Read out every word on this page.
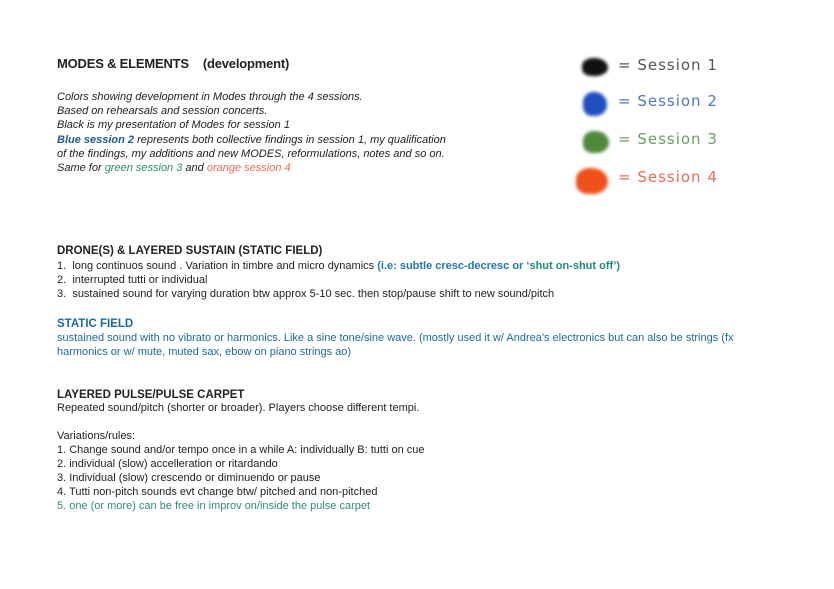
MODES & ELEMENTS (development)
Colors showing development in Modes through the 4 sessions.
Based on rehearsals and session concerts.
Black is my presentation of Modes for session 1
Blue session 2 represents both collective findings in session 1, my qualification
of the findings, my additions and new MODES, reformulations, notes and so on.
Same for green session 3 and orange session 4
= Session 1
= Session 2
= Session 3
= Session 4
DRONE(S) & LAYERED SUSTAIN (STATIC FIELD)
1. long continuos sound . Variation in timbre and micro dynamics (i.e: subtle cresc-decresc or ‘shut on-shut off’)
2. interrupted tutti or individual
3. sustained sound for varying duration btw approx 5-10 sec. then stop/pause shift to new sound/pitch
STATIC FIELD
sustained sound with no vibrato or harmonics. Like a sine tone/sine wave. (mostly used it w/ Andrea's electronics but can also be strings (fx harmonics or w/ mute, muted sax, ebow on piano strings ao)
LAYERED PULSE/PULSE CARPET
Repeated sound/pitch (shorter or broader). Players choose different tempi.
Variations/rules:
1. Change sound and/or tempo once in a while A: individually B: tutti on cue
2. individual (slow) accelleration or ritardando
3. Individual (slow) crescendo or diminuendo or pause
4. Tutti non-pitch sounds evt change btw/ pitched and non-pitched
5. one (or more) can be free in improv on/inside the pulse carpet
